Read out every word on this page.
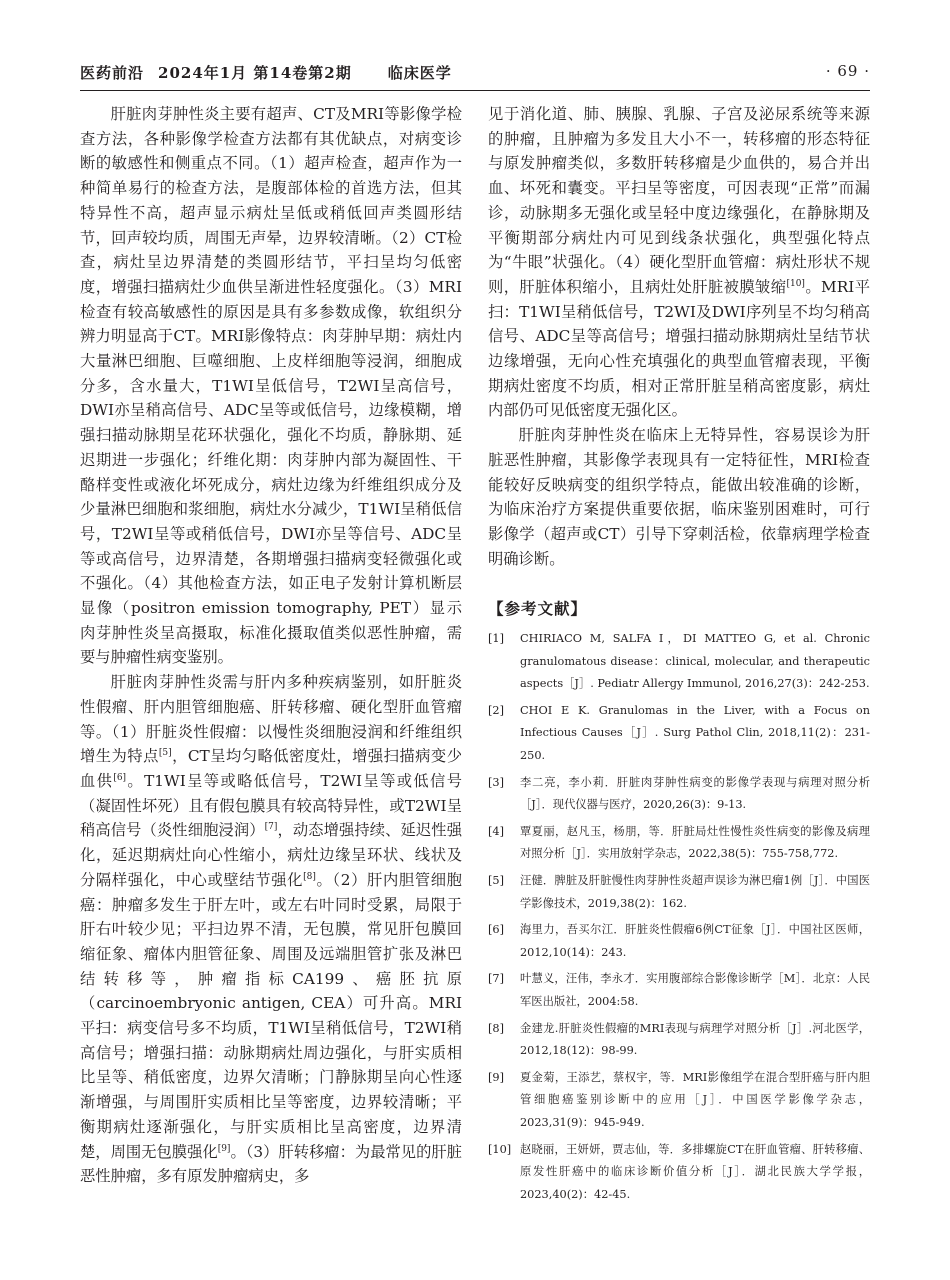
医药前沿 2024年1月 第14卷第2期 临床医学	· 69 ·

肝脏肉芽肿性炎主要有超声、CT及MRI等影像学检查方法，各种影像学检查方法都有其优缺点，对病变诊断的敏感性和侧重点不同。（1）超声检查，超声作为一种简单易行的检查方法，是腹部体检的首选方法，但其特异性不高，超声显示病灶呈低或稍低回声类圆形结节，回声较均质，周围无声晕，边界较清晰。（2）CT检查，病灶呈边界清楚的类圆形结节，平扫呈均匀低密度，增强扫描病灶少血供呈渐进性轻度强化。（3）MRI检查有较高敏感性的原因是具有多参数成像，软组织分辨力明显高于CT。MRI影像特点：肉芽肿早期：病灶内大量淋巴细胞、巨噬细胞、上皮样细胞等浸润，细胞成分多，含水量大，T1WI呈低信号，T2WI呈高信号，DWI亦呈稍高信号、ADC呈等或低信号，边缘模糊，增强扫描动脉期呈花环状强化，强化不均质，静脉期、延迟期进一步强化；纤维化期：肉芽肿内部为凝固性、干酪样变性或液化坏死成分，病灶边缘为纤维组织成分及少量淋巴细胞和浆细胞，病灶水分减少，T1WI呈稍低信号，T2WI呈等或稍低信号，DWI亦呈等信号、ADC呈等或高信号，边界清楚，各期增强扫描病变轻微强化或不强化。（4）其他检查方法，如正电子发射计算机断层显像（positron emission tomography, PET）显示肉芽肿性炎呈高摄取，标准化摄取值类似恶性肿瘤，需要与肿瘤性病变鉴别。

肝脏肉芽肿性炎需与肝内多种疾病鉴别，如肝脏炎性假瘤、肝内胆管细胞癌、肝转移瘤、硬化型肝血管瘤等。（1）肝脏炎性假瘤：以慢性炎细胞浸润和纤维组织增生为特点[5]，CT呈均匀略低密度灶，增强扫描病变少血供[6]。T1WI呈等或略低信号，T2WI呈等或低信号（凝固性坏死）且有假包膜具有较高特异性，或T2WI呈稍高信号（炎性细胞浸润）[7]，动态增强持续、延迟性强化，延迟期病灶向心性缩小，病灶边缘呈环状、线状及分隔样强化，中心或壁结节强化[8]。（2）肝内胆管细胞癌：肿瘤多发生于肝左叶，或左右叶同时受累，局限于肝右叶较少见；平扫边界不清，无包膜，常见肝包膜回缩征象、瘤体内胆管征象、周围及远端胆管扩张及淋巴结转移等，肿瘤指标CA199、癌胚抗原（carcinoembryonic antigen, CEA）可升高。MRI平扫：病变信号多不均质，T1WI呈稍低信号，T2WI稍高信号；增强扫描：动脉期病灶周边强化，与肝实质相比呈等、稍低密度，边界欠清晰；门静脉期呈向心性逐渐增强，与周围肝实质相比呈等密度，边界较清晰；平衡期病灶逐渐强化，与肝实质相比呈高密度，边界清楚，周围无包膜强化[9]。（3）肝转移瘤：为最常见的肝脏恶性肿瘤，多有原发肿瘤病史，多

见于消化道、肺、胰腺、乳腺、子宫及泌尿系统等来源的肿瘤，且肿瘤为多发且大小不一，转移瘤的形态特征与原发肿瘤类似，多数肝转移瘤是少血供的，易合并出血、坏死和囊变。平扫呈等密度，可因表现“正常”而漏诊，动脉期多无强化或呈轻中度边缘强化，在静脉期及平衡期部分病灶内可见到线条状强化，典型强化特点为“牛眼”状强化。（4）硬化型肝血管瘤：病灶形状不规则，肝脏体积缩小，且病灶处肝脏被膜皱缩[10]。MRI平扫：T1WI呈稍低信号，T2WI及DWI序列呈不均匀稍高信号、ADC呈等高信号；增强扫描动脉期病灶呈结节状边缘增强，无向心性充填强化的典型血管瘤表现，平衡期病灶密度不均质，相对正常肝脏呈稍高密度影，病灶内部仍可见低密度无强化区。

肝脏肉芽肿性炎在临床上无特异性，容易误诊为肝脏恶性肿瘤，其影像学表现具有一定特征性，MRI检查能较好反映病变的组织学特点，能做出较准确的诊断，为临床治疗方案提供重要依据，临床鉴别困难时，可行影像学（超声或CT）引导下穿刺活检，依靠病理学检查明确诊断。

【参考文献】
[1] CHIRIACO M, SALFA I，DI MATTEO G, et al. Chronic granulomatous disease：clinical, molecular, and therapeutic aspects［J］. Pediatr Allergy Immunol, 2016,27(3)：242-253.
[2] CHOI E K. Granulomas in the Liver, with a Focus on Infectious Causes［J］. Surg Pathol Clin, 2018,11(2)：231-250.
[3] 李二亮，李小莉．肝脏肉芽肿性病变的影像学表现与病理对照分析［J］．现代仪器与医疗，2020,26(3)：9-13.
[4] 覃夏丽，赵凡玉，杨朋，等．肝脏局灶性慢性炎性病变的影像及病理对照分析［J］．实用放射学杂志，2022,38(5)：755-758,772.
[5] 汪健．脾脏及肝脏慢性肉芽肿性炎超声误诊为淋巴瘤1例［J］．中国医学影像技术，2019,38(2)：162.
[6] 海里力，吾买尔江．肝脏炎性假瘤6例CT征象［J］．中国社区医师，2012,10(14)：243.
[7] 叶慧义，汪伟，李永才．实用腹部综合影像诊断学［M］．北京：人民军医出版社，2004:58.
[8] 金建龙.肝脏炎性假瘤的MRI表现与病理学对照分析［J］.河北医学，2012,18(12)：98-99.
[9] 夏金菊，王添艺，蔡权宇，等．MRI影像组学在混合型肝癌与肝内胆管细胞癌鉴别诊断中的应用［J］．中国医学影像学杂志，2023,31(9)：945-949.
[10] 赵晓丽，王妍妍，贾志仙，等．多排螺旋CT在肝血管瘤、肝转移瘤、原发性肝癌中的临床诊断价值分析［J］．湖北民族大学学报，2023,40(2)：42-45.
